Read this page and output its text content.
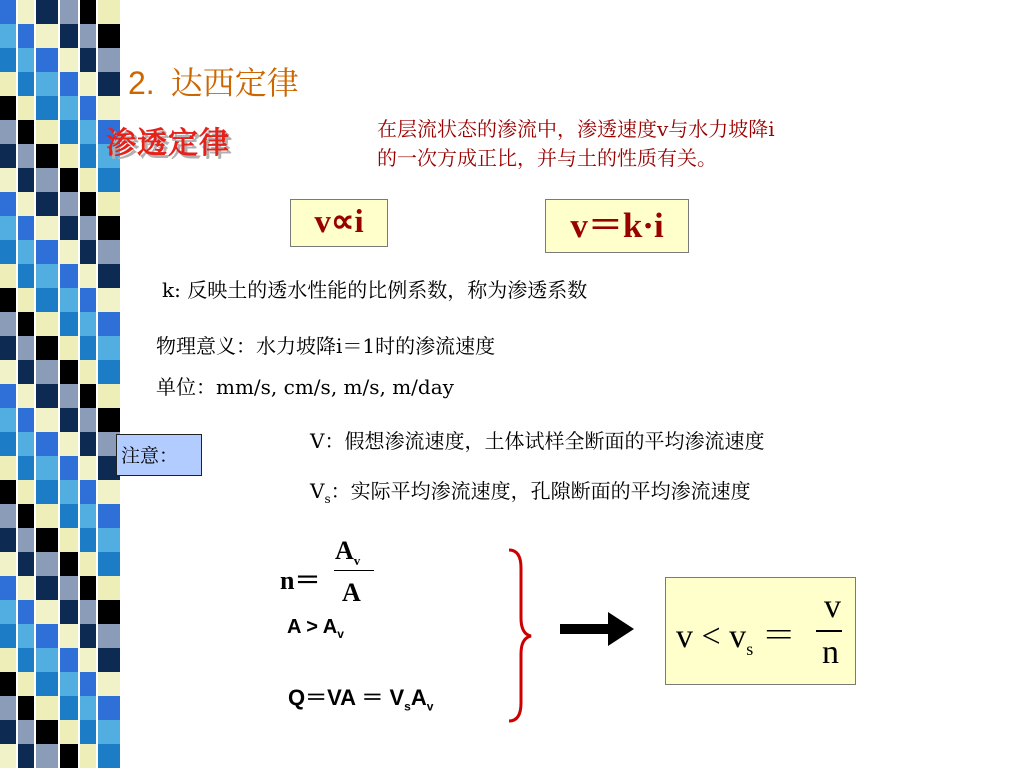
2. 达西定律
渗透定律	在层流状态的渗流中，渗透速度v与水力坡降i
的一次方成正比，并与土的性质有关。
v∝i	v＝k·i
k: 反映土的透水性能的比例系数，称为渗透系数
物理意义：水力坡降i＝1时的渗流速度
单位：mm/s, cm/s, m/s, m/day
注意：
V：假想渗流速度，土体试样全断面的平均渗流速度
$V_s$：实际平均渗流速度，孔隙断面的平均渗流速度
n＝
$A_v$
A
$A > A_v$
$Q=VA = V_sA_v$
$v < v_s$ ＝
v
n
